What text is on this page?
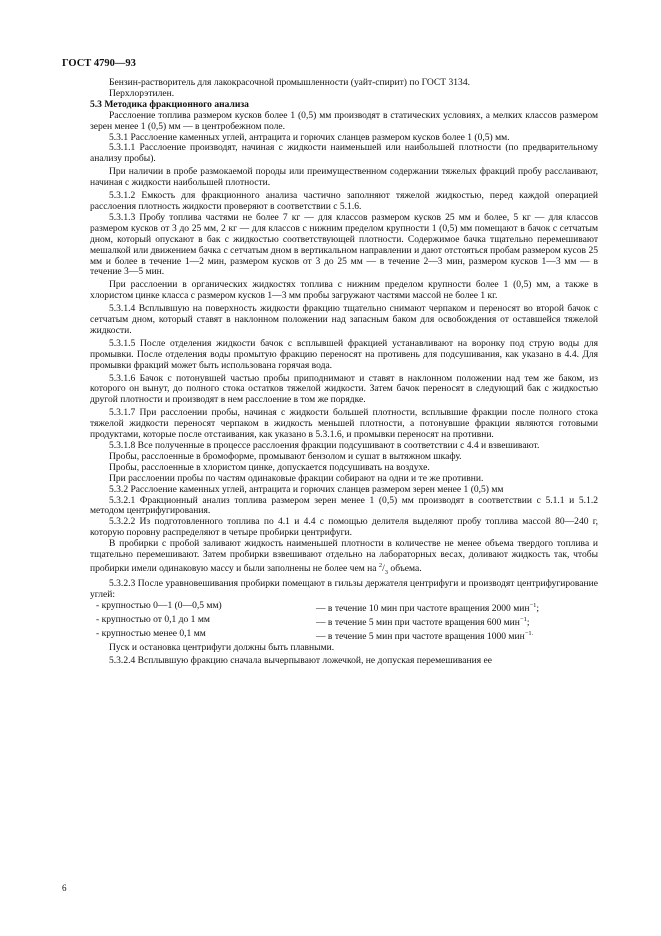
ГОСТ 4790—93

Бензин-растворитель для лакокрасочной промышленности (уайт-спирит) по ГОСТ 3134.

Перхлорэтилен.

5.3 Методика фракционного анализа

Расслоение топлива размером кусков более 1 (0,5) мм производят в статических условиях, а мелких классов размером зерен менее 1 (0,5) мм — в центробежном поле.

5.3.1 Расслоение каменных углей, антрацита и горючих сланцев размером кусков более 1 (0,5) мм.

5.3.1.1 Расслоение производят, начиная с жидкости наименьшей или наибольшей плотности (по предварительному анализу пробы).

При наличии в пробе размокаемой породы или преимущественном содержании тяжелых фракций пробу расслаивают, начиная с жидкости наибольшей плотности.

5.3.1.2 Емкость для фракционного анализа частично заполняют тяжелой жидкостью, перед каждой операцией расслоения плотность жидкости проверяют в соответствии с 5.1.6.

5.3.1.3 Пробу топлива частями не более 7 кг — для классов размером кусков 25 мм и более, 5 кг — для классов размером кусков от 3 до 25 мм, 2 кг — для классов с нижним пределом крупности 1 (0,5) мм помещают в бачок с сетчатым дном, который опускают в бак с жидкостью соответствующей плотности. Содержимое бачка тщательно перемешивают мешалкой или движением бачка с сетчатым дном в вертикальном направлении и дают отстояться пробам размером кусов 25 мм и более в течение 1—2 мин, размером кусков от 3 до 25 мм — в течение 2—3 мин, размером кусков 1—3 мм — в течение 3—5 мин.

При расслоении в органических жидкостях топлива с нижним пределом крупности более 1 (0,5) мм, а также в хлористом цинке класса с размером кусков 1—3 мм пробы загружают частями массой не более 1 кг.

5.3.1.4 Всплывшую на поверхность жидкости фракцию тщательно снимают черпаком и переносят во второй бачок с сетчатым дном, который ставят в наклонном положении над запасным баком для освобождения от оставшейся тяжелой жидкости.

5.3.1.5 После отделения жидкости бачок с всплывшей фракцией устанавливают на воронку под струю воды для промывки. После отделения воды промытую фракцию переносят на противень для подсушивания, как указано в 4.4. Для промывки фракций может быть использована горячая вода.

5.3.1.6 Бачок с потонувшей частью пробы приподнимают и ставят в наклонном положении над тем же баком, из которого он вынут, до полного стока остатков тяжелой жидкости. Затем бачок переносят в следующий бак с жидкостью другой плотности и производят в нем расслоение в том же порядке.

5.3.1.7 При расслоении пробы, начиная с жидкости большей плотности, всплывшие фракции после полного стока тяжелой жидкости переносят черпаком в жидкость меньшей плотности, а потонувшие фракции являются готовыми продуктами, которые после отстаивания, как указано в 5.3.1.6, и промывки переносят на противни.

5.3.1.8 Все полученные в процессе расслоения фракции подсушивают в соответствии с 4.4 и взвешивают.

Пробы, расслоенные в бромоформе, промывают бензолом и сушат в вытяжном шкафу.

Пробы, расслоенные в хлористом цинке, допускается подсушивать на воздухе.

При расслоении пробы по частям одинаковые фракции собирают на одни и те же противни.

5.3.2 Расслоение каменных углей, антрацита и горючих сланцев размером зерен менее 1 (0,5) мм

5.3.2.1 Фракционный анализ топлива размером зерен менее 1 (0,5) мм производят в соответствии с 5.1.1 и 5.1.2 методом центрифугирования.

5.3.2.2 Из подготовленного топлива по 4.1 и 4.4 с помощью делителя выделяют пробу топлива массой 80—240 г, которую поровну распределяют в четыре пробирки центрифуги.

В пробирки с пробой заливают жидкость наименьшей плотности в количестве не менее объема твердого топлива и тщательно перемешивают. Затем пробирки взвешивают отдельно на лабораторных весах, доливают жидкость так, чтобы пробирки имели одинаковую массу и были заполнены не более чем на $^2/_3$ объема.

5.3.2.3 После уравновешивания пробирки помещают в гильзы держателя центрифуги и производят центрифугирование углей:

- крупностью 0—1 (0—0,5 мм)	— в течение 10 мин при частоте вращения 2000 мин$^{-1}$;
- крупностью от 0,1 до 1 мм	— в течение 5 мин при частоте вращения 600 мин$^{-1}$;
- крупностью менее 0,1 мм	— в течение 5 мин при частоте вращения 1000 мин$^{-1.}$

Пуск и остановка центрифуги должны быть плавными.

5.3.2.4 Всплывшую фракцию сначала вычерпывают ложечкой, не допуская перемешивания ее

6
